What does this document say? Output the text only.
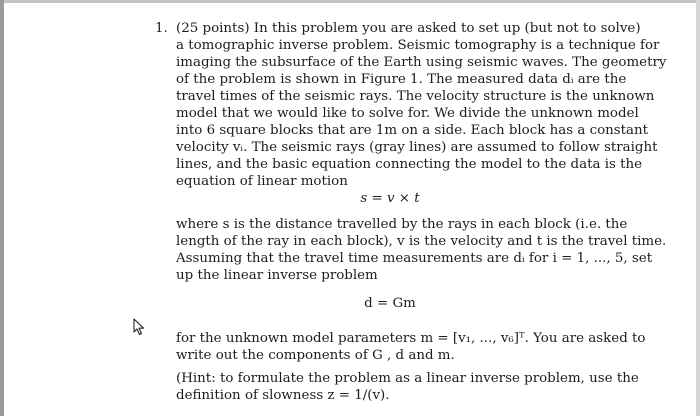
1. (25 points) In this problem you are asked to set up (but not to solve)
a tomographic inverse problem. Seismic tomography is a technique for
imaging the subsurface of the Earth using seismic waves. The geometry
of the problem is shown in Figure 1. The measured data dᵢ are the
travel times of the seismic rays. The velocity structure is the unknown
model that we would like to solve for. We divide the unknown model
into 6 square blocks that are 1m on a side. Each block has a constant
velocity vᵢ. The seismic rays (gray lines) are assumed to follow straight
lines, and the basic equation connecting the model to the data is the
equation of linear motion
s = v × t
where s is the distance travelled by the rays in each block (i.e. the
length of the ray in each block), v is the velocity and t is the travel time.
Assuming that the travel time measurements are dᵢ for i = 1, ..., 5, set
up the linear inverse problem
d = Gm
for the unknown model parameters m = [v₁, ..., v₆]ᵀ. You are asked to
write out the components of G , d and m.
(Hint: to formulate the problem as a linear inverse problem, use the
definition of slowness z = 1/(v).
